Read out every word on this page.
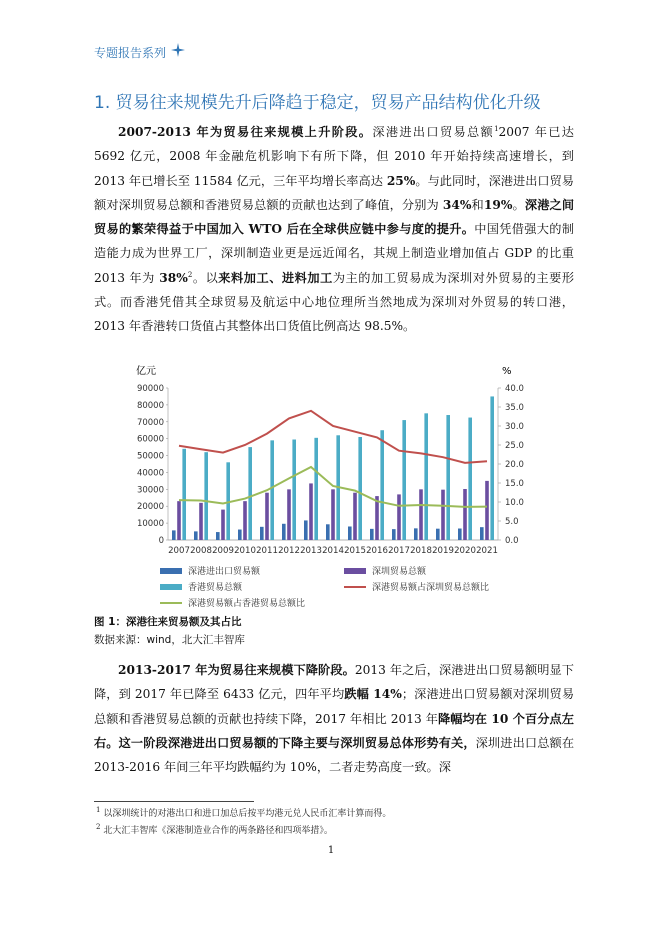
专题报告系列
1. 贸易往来规模先升后降趋于稳定，贸易产品结构优化升级
2007-2013 年为贸易往来规模上升阶段。深港进出口贸易总额$^1$2007 年已达 5692 亿元，2008 年金融危机影响下有所下降，但 2010 年开始持续高速增长，到 2013 年已增长至 11584 亿元，三年平均增长率高达 25%。与此同时，深港进出口贸易额对深圳贸易总额和香港贸易总额的贡献也达到了峰值，分别为 34%和19%。深港之间贸易的繁荣得益于中国加入 WTO 后在全球供应链中参与度的提升。中国凭借强大的制造能力成为世界工厂，深圳制造业更是远近闻名，其规上制造业增加值占 GDP 的比重 2013 年为 38%$^2$。以来料加工、进料加工为主的加工贸易成为深圳对外贸易的主要形式。而香港凭借其全球贸易及航运中心地位理所当然地成为深圳对外贸易的转口港，2013 年香港转口货值占其整体出口货值比例高达 98.5%。
亿元	%
0
10000
20000
30000
40000
50000
60000
70000
80000
90000
0.0
5.0
10.0
15.0
20.0
25.0
30.0
35.0
40.0
2007 2008 2009 2010 2011 2012 2013 2014 2015 2016 2017 2018 2019 2020 2021
深港进出口贸易额	深圳贸易总额
香港贸易总额	深港贸易额占深圳贸易总额比
深港贸易额占香港贸易总额比
图 1：深港往来贸易额及其占比
数据来源：wind，北大汇丰智库
2013-2017 年为贸易往来规模下降阶段。2013 年之后，深港进出口贸易额明显下降，到 2017 年已降至 6433 亿元，四年平均跌幅 14%；深港进出口贸易额对深圳贸易总额和香港贸易总额的贡献也持续下降，2017 年相比 2013 年降幅均在 10 个百分点左右。这一阶段深港进出口贸易额的下降主要与深圳贸易总体形势有关，深圳进出口总额在 2013-2016 年间三年平均跌幅约为 10%，二者走势高度一致。深
$^1$ 以深圳统计的对港出口和进口加总后按平均港元兑人民币汇率计算而得。
$^2$ 北大汇丰智库《深港制造业合作的两条路径和四项举措》。
1
